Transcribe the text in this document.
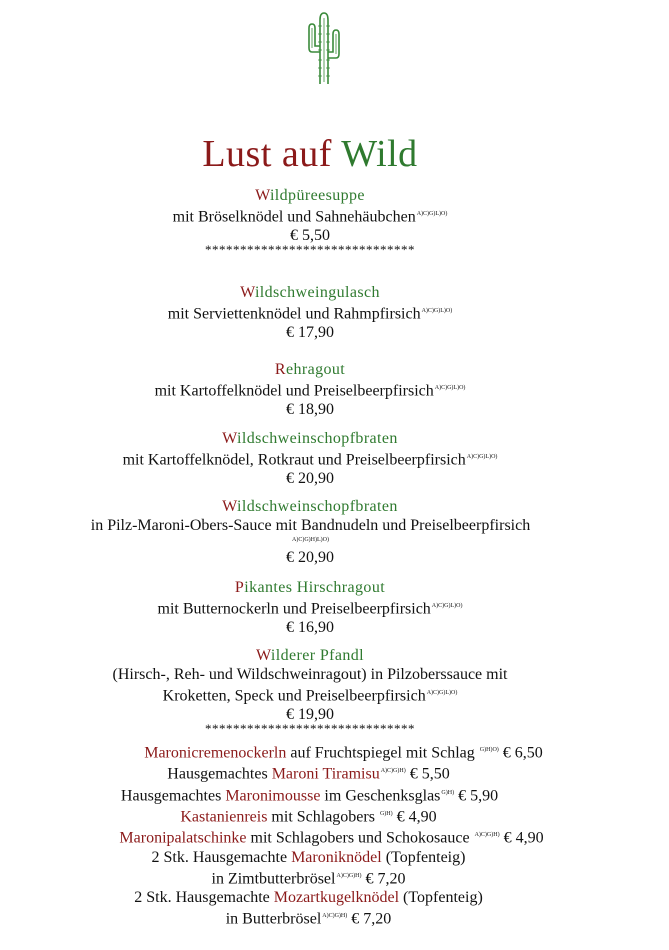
Lust auf Wild
Wildpüreesuppe
mit Bröselknödel und Sahnehäubchen$^{A)C)G)L)O)}$
€ 5,50
******************************
Wildschweingulasch
mit Serviettenknödel und Rahmpfirsich$^{A)C)G)L)O)}$
€ 17,90
Rehragout
mit Kartoffelknödel und Preiselbeerpfirsich$^{A)C)G)L)O)}$
€ 18,90
Wildschweinschopfbraten
mit Kartoffelknödel, Rotkraut und Preiselbeerpfirsich$^{A)C)G)L)O)}$
€ 20,90
Wildschweinschopfbraten
in Pilz-Maroni-Obers-Sauce mit Bandnudeln und Preiselbeerpfirsich
$^{A)C)G)H)L)O)}$
€ 20,90
Pikantes Hirschragout
mit Butternockerln und Preiselbeerpfirsich$^{A)C)G)L)O)}$
€ 16,90
Wilderer Pfandl
(Hirsch-, Reh- und Wildschweinragout) in Pilzoberssauce mit
Kroketten, Speck und Preiselbeerpfirsich$^{A)C)G)L)O)}$
€ 19,90
******************************
Maronicremenockerln auf Fruchtspiegel mit Schlag $^{G)H)O)}$ € 6,50
Hausgemachtes Maroni Tiramisu$^{A)C)G)H)}$ € 5,50
Hausgemachtes Maronimousse im Geschenksglas$^{G)H)}$ € 5,90
Kastanienreis mit Schlagobers $^{G)H)}$ € 4,90
Maronipalatschinke mit Schlagobers und Schokosauce $^{A)C)G)H)}$ € 4,90
2 Stk. Hausgemachte Maroniknödel (Topfenteig)
in Zimtbutterbrösel$^{A)C)G)H)}$ € 7,20
2 Stk. Hausgemachte Mozartkugelknödel (Topfenteig)
in Butterbrösel$^{A)C)G)H)}$ € 7,20
